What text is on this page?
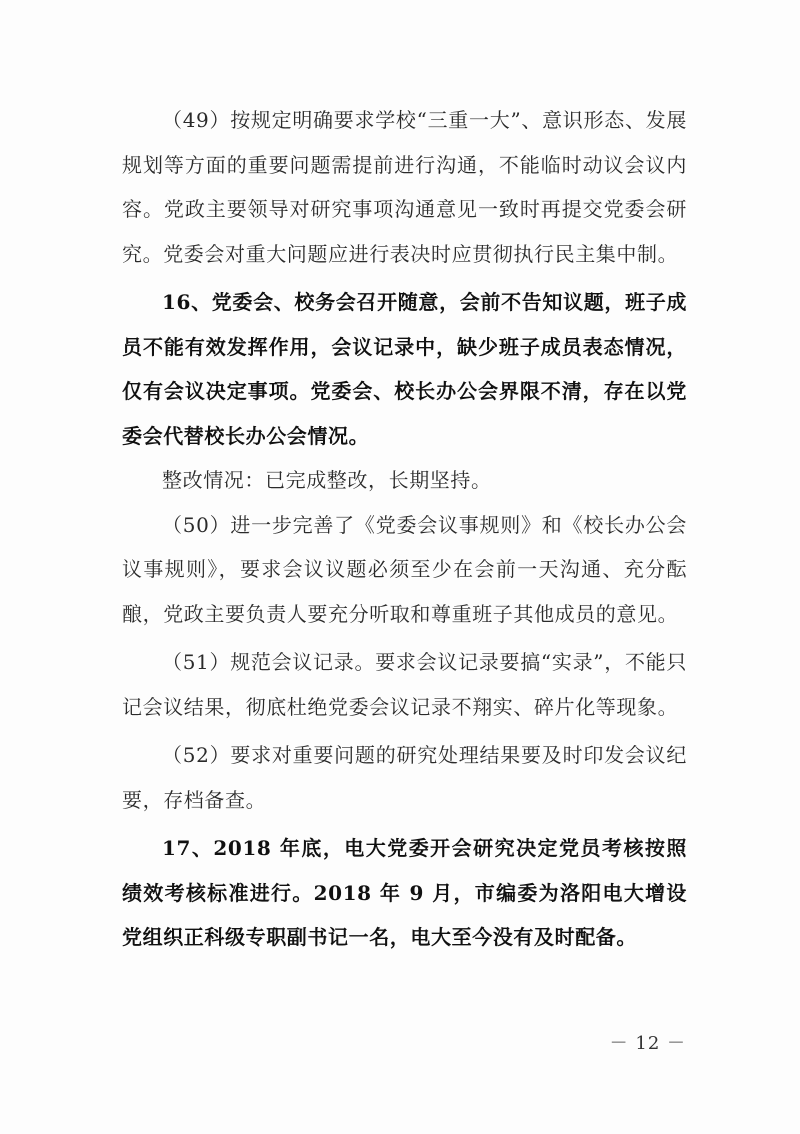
（49）按规定明确要求学校“三重一大”、意识形态、发展规划等方面的重要问题需提前进行沟通，不能临时动议会议内容。党政主要领导对研究事项沟通意见一致时再提交党委会研究。党委会对重大问题应进行表决时应贯彻执行民主集中制。

16、党委会、校务会召开随意，会前不告知议题，班子成员不能有效发挥作用，会议记录中，缺少班子成员表态情况，仅有会议决定事项。党委会、校长办公会界限不清，存在以党委会代替校长办公会情况。

整改情况：已完成整改，长期坚持。

（50）进一步完善了《党委会议事规则》和《校长办公会议事规则》，要求会议议题必须至少在会前一天沟通、充分酝酿，党政主要负责人要充分听取和尊重班子其他成员的意见。

（51）规范会议记录。要求会议记录要搞“实录”，不能只记会议结果，彻底杜绝党委会议记录不翔实、碎片化等现象。

（52）要求对重要问题的研究处理结果要及时印发会议纪要，存档备查。

17、2018 年底，电大党委开会研究决定党员考核按照绩效考核标准进行。2018 年 9 月，市编委为洛阳电大增设党组织正科级专职副书记一名，电大至今没有及时配备。

－ 12 －
